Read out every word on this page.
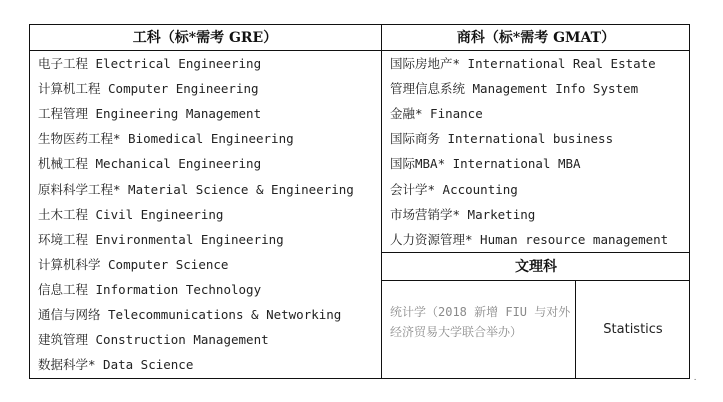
工科（标*需考 GRE）	商科（标*需考 GMAT）
电子工程 Electrical Engineering
计算机工程 Computer Engineering
工程管理 Engineering Management
生物医药工程* Biomedical Engineering
机械工程 Mechanical Engineering
原料科学工程* Material Science & Engineering
土木工程 Civil Engineering
环境工程 Environmental Engineering
计算机科学 Computer Science
信息工程 Information Technology
通信与网络 Telecommunications & Networking
建筑管理 Construction Management
数据科学* Data Science
国际房地产* International Real Estate
管理信息系统 Management Info System
金融* Finance
国际商务 International business
国际MBA* International MBA
会计学* Accounting
市场营销学* Marketing
人力资源管理* Human resource management
文理科
统计学（2018 新增 FIU 与对外经济贸易大学联合举办）	Statistics
.
